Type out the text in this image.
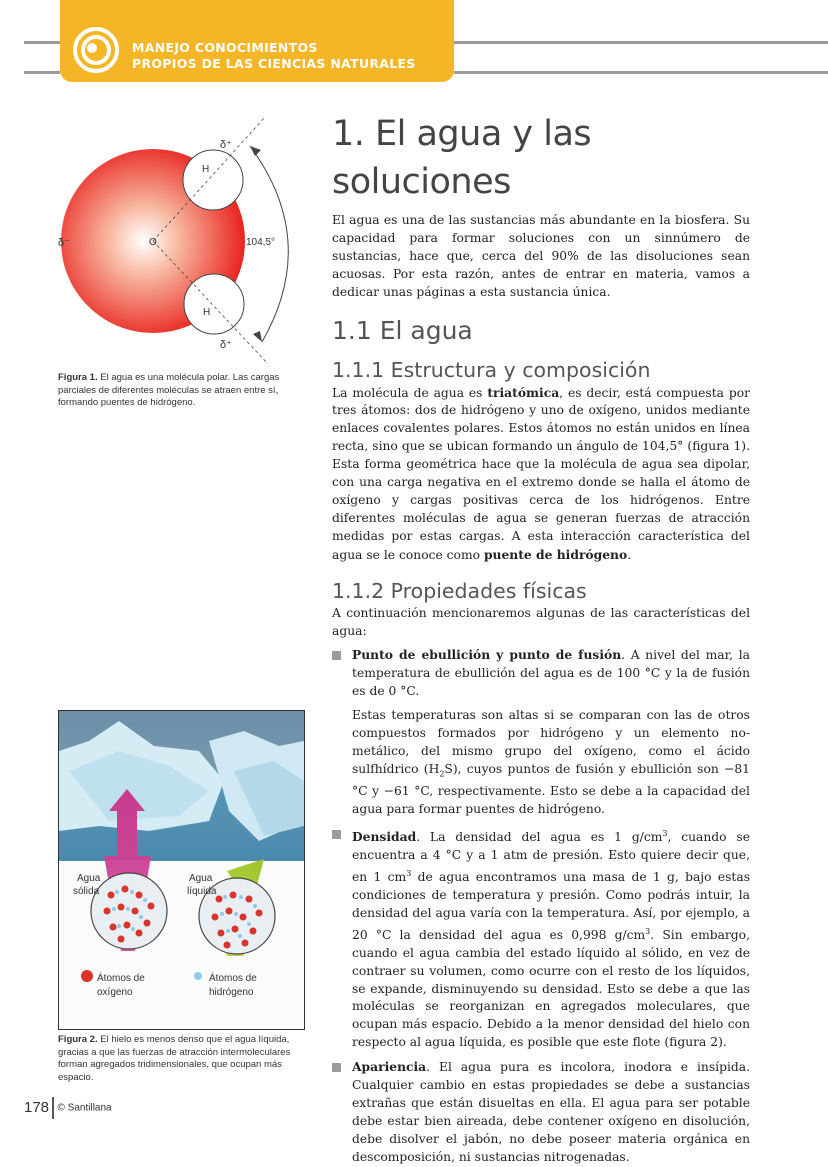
MANEJO CONOCIMIENTOS
PROPIOS DE LAS CIENCIAS NATURALES
δ⁺
δ⁺
δ⁻
H
H
O	104,5°
Figura 1. El agua es una molécula polar. Las cargas parciales de diferentes moléculas se atraen entre sí, formando puentes de hidrógeno.
Agua
sólida
Agua
líquida
Átomos de
oxígeno
Átomos de
hidrógeno
Figura 2. El hielo es menos denso que el agua líquida, gracias a que las fuerzas de atracción intermoleculares forman agregados tridimensionales, que ocupan más espacio.
1. El agua y las soluciones

El agua es una de las sustancias más abundante en la biosfera. Su capacidad para formar soluciones con un sinnúmero de sustancias, hace que, cerca del 90% de las disoluciones sean acuosas. Por esta razón, antes de entrar en materia, vamos a dedicar unas páginas a esta sustancia única.

1.1 El agua
1.1.1 Estructura y composición

La molécula de agua es triatómica, es decir, está compuesta por tres átomos: dos de hidrógeno y uno de oxígeno, unidos mediante enlaces covalentes polares. Estos átomos no están unidos en línea recta, sino que se ubican formando un ángulo de 104,5° (figura 1). Esta forma geométrica hace que la molécula de agua sea dipolar, con una carga negativa en el extremo donde se halla el átomo de oxígeno y cargas positivas cerca de los hidrógenos. Entre diferentes moléculas de agua se generan fuerzas de atracción medidas por estas cargas. A esta interacción característica del agua se le conoce como puente de hidrógeno.

1.1.2 Propiedades físicas

A continuación mencionaremos algunas de las características del agua:

Punto de ebullición y punto de fusión. A nivel del mar, la temperatura de ebullición del agua es de 100 °C y la de fusión es de 0 °C.

Estas temperaturas son altas si se comparan con las de otros compuestos formados por hidrógeno y un elemento no-metálico, del mismo grupo del oxígeno, como el ácido sulfhídrico $(H_2S)$, cuyos puntos de fusión y ebullición son −81 °C y −61 °C, respectivamente. Esto se debe a la capacidad del agua para formar puentes de hidrógeno.

Densidad. La densidad del agua es 1 $g/cm^3$, cuando se encuentra a 4 °C y a 1 atm de presión. Esto quiere decir que, en 1 $cm^3$ de agua encontramos una masa de 1 g, bajo estas condiciones de temperatura y presión. Como podrás intuir, la densidad del agua varía con la temperatura. Así, por ejemplo, a 20 °C la densidad del agua es 0,998 $g/cm^3$. Sin embargo, cuando el agua cambia del estado líquido al sólido, en vez de contraer su volumen, como ocurre con el resto de los líquidos, se expande, disminuyendo su densidad. Esto se debe a que las moléculas se reorganizan en agregados moleculares, que ocupan más espacio. Debido a la menor densidad del hielo con respecto al agua líquida, es posible que este flote (figura 2).

Apariencia. El agua pura es incolora, inodora e insípida. Cualquier cambio en estas propiedades se debe a sustancias extrañas que están disueltas en ella. El agua para ser potable debe estar bien aireada, debe contener oxígeno en disolución, debe disolver el jabón, no debe poseer materia orgánica en descomposición, ni sustancias nitrogenadas.

178 © Santillana
